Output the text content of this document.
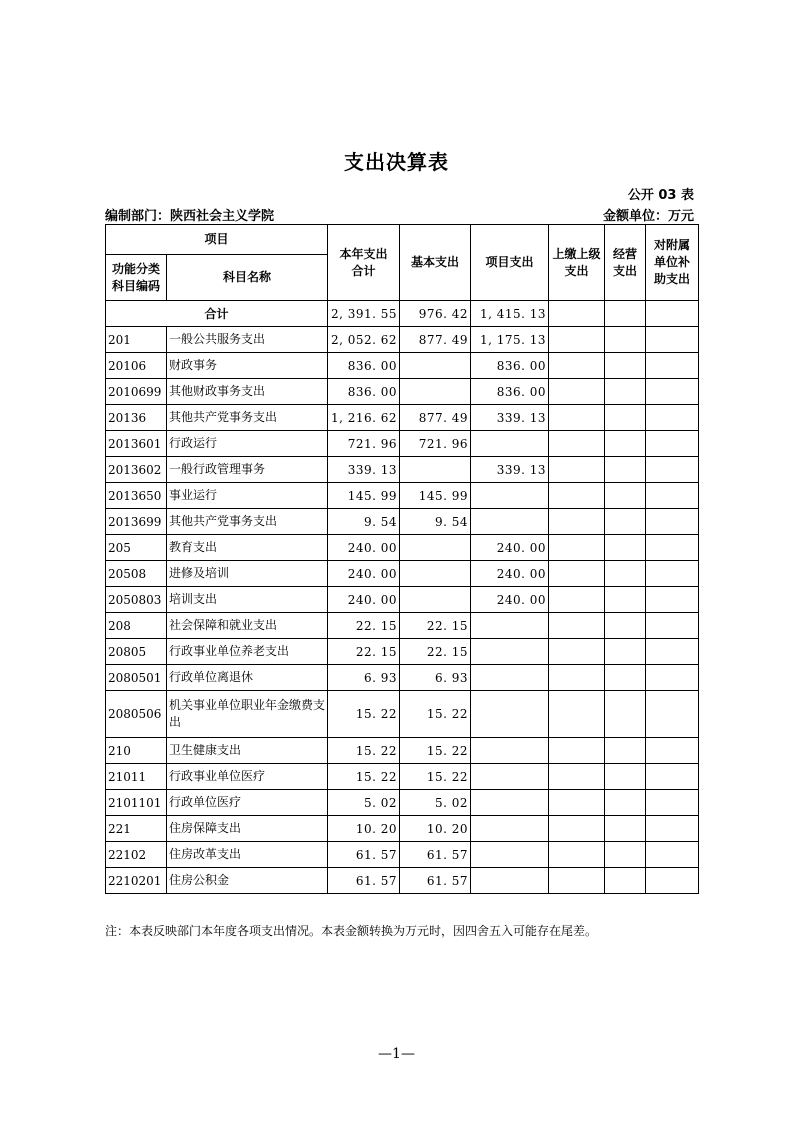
支出决算表
公开 03 表
编制部门：陕西社会主义学院	金额单位：万元
项目		本年支出合计	基本支出	项目支出	上缴上级支出	经营支出	对附属单位补助支出

功能分类科目编码	科目名称						
合计		2, 391. 55	976. 42	1, 415. 13			
201	一般公共服务支出	2, 052. 62	877. 49	1, 175. 13			
20106	财政事务	836. 00		836. 00			
2010699	其他财政事务支出	836. 00		836. 00			
20136	其他共产党事务支出	1, 216. 62	877. 49	339. 13			
2013601	行政运行	721. 96	721. 96				
2013602	一般行政管理事务	339. 13		339. 13			
2013650	事业运行	145. 99	145. 99				
2013699	其他共产党事务支出	9. 54	9. 54				
205	教育支出	240. 00		240. 00			
20508	进修及培训	240. 00		240. 00			
2050803	培训支出	240. 00		240. 00			
208	社会保障和就业支出	22. 15	22. 15				
20805	行政事业单位养老支出	22. 15	22. 15				
2080501	行政单位离退休	6. 93	6. 93				
2080506	机关事业单位职业年金缴费支出	15. 22	15. 22				
210	卫生健康支出	15. 22	15. 22				
21011	行政事业单位医疗	15. 22	15. 22				
2101101	行政单位医疗	5. 02	5. 02				
221	住房保障支出	10. 20	10. 20				
22102	住房改革支出	61. 57	61. 57				
2210201	住房公积金	61. 57	61. 57				
注：本表反映部门本年度各项支出情况。本表金额转换为万元时，因四舍五入可能存在尾差。
—1—
